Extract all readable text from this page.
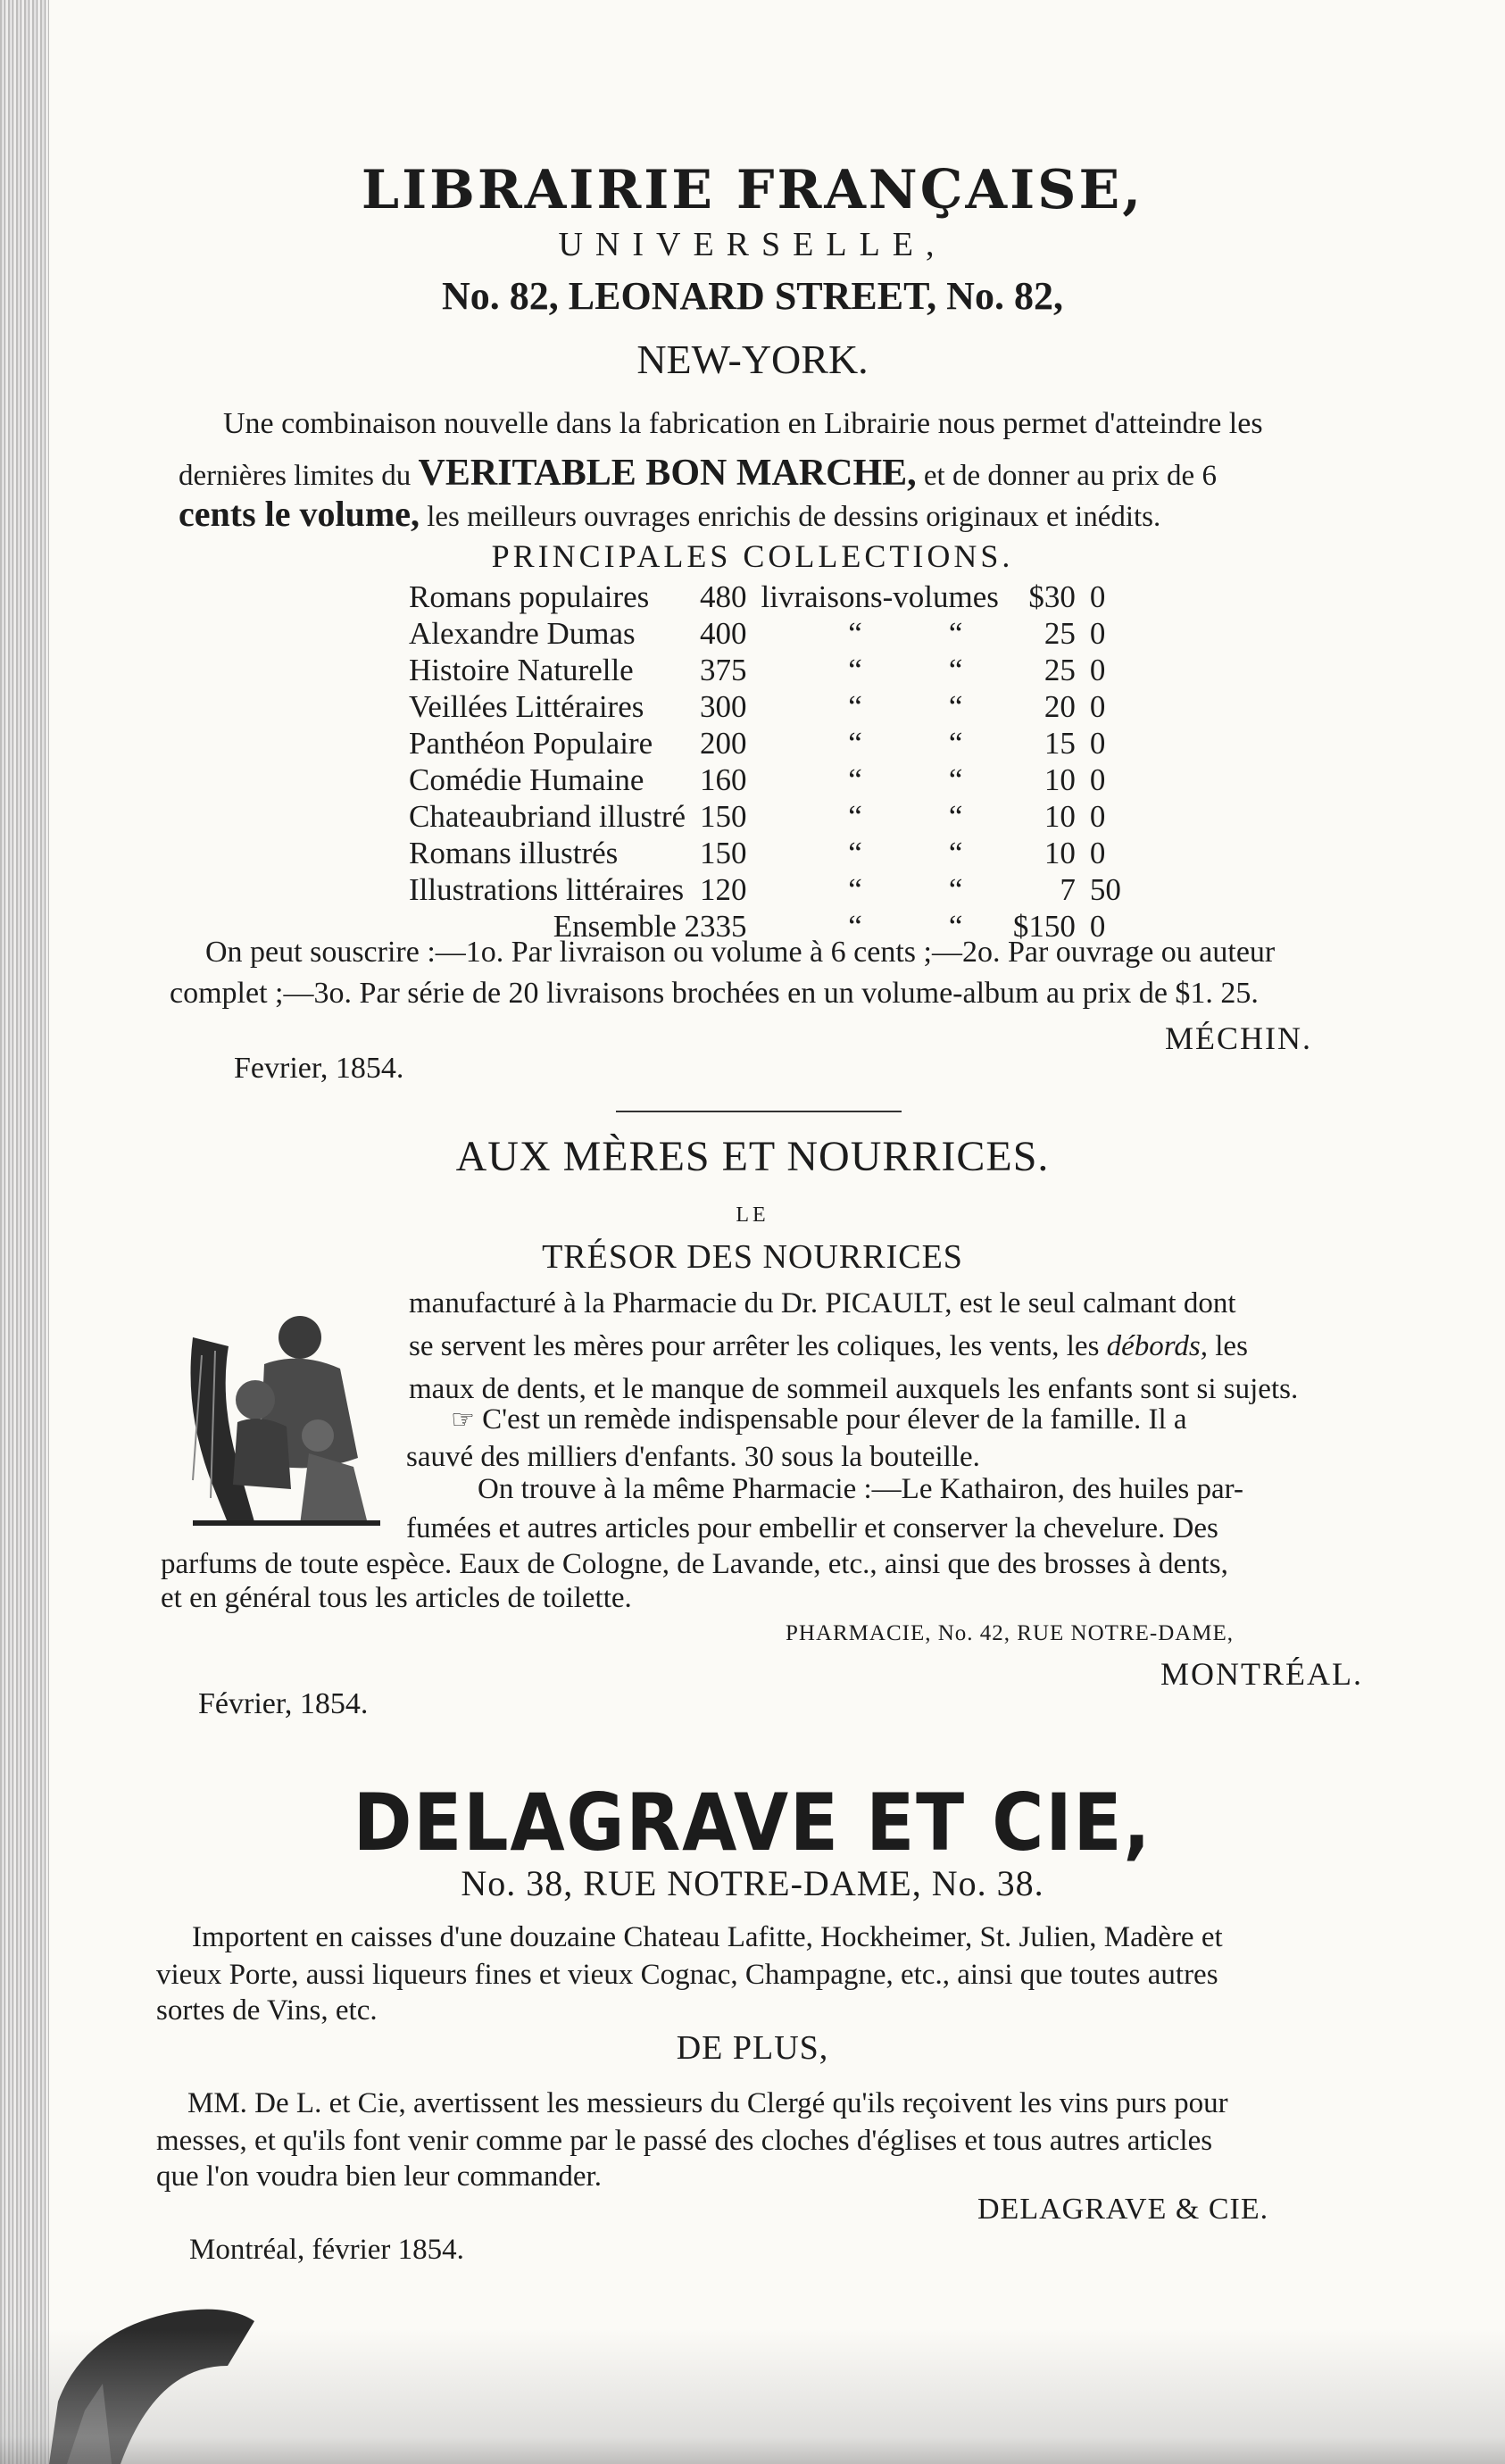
LIBRAIRIE FRANÇAISE,
UNIVERSELLE,
No. 82, LEONARD STREET, No. 82,
NEW-YORK.
Une combinaison nouvelle dans la fabrication en Librairie nous permet d'atteindre les
dernières limites du VERITABLE BON MARCHE, et de donner au prix de 6
cents le volume, les meilleurs ouvrages enrichis de dessins originaux et inédits.
PRINCIPALES COLLECTIONS.
Romans populaires	480	livraisons-volumes			$30	0
Alexandre Dumas	400		“	“	25	0
Histoire Naturelle	375		“	“	25	0
Veillées Littéraires	300		“	“	20	0
Panthéon Populaire	200		“	“	15	0
Comédie Humaine	160		“	“	10	0
Chateaubriand illustré	150		“	“	10	0
Romans illustrés	150		“	“	10	0
Illustrations littéraires	120		“	“	7	50
Ensemble 2335			“	“	$150	0
On peut souscrire :—1o. Par livraison ou volume à 6 cents ;—2o. Par ouvrage ou auteur
complet ;—3o. Par série de 20 livraisons brochées en un volume-album au prix de $1. 25.
MÉCHIN.
Fevrier, 1854.
AUX MÈRES ET NOURRICES.
LE
TRÉSOR DES NOURRICES
manufacturé à la Pharmacie du Dr. PICAULT, est le seul calmant dont
se servent les mères pour arrêter les coliques, les vents, les débords, les
maux de dents, et le manque de sommeil auxquels les enfants sont si sujets.
☞ C'est un remède indispensable pour élever de la famille. Il a
sauvé des milliers d'enfants. 30 sous la bouteille.
On trouve à la même Pharmacie :—Le Kathairon, des huiles par-
fumées et autres articles pour embellir et conserver la chevelure. Des
parfums de toute espèce. Eaux de Cologne, de Lavande, etc., ainsi que des brosses à dents,
et en général tous les articles de toilette.
PHARMACIE, No. 42, RUE NOTRE-DAME,
MONTRÉAL.
Février, 1854.
DELAGRAVE ET CIE,
No. 38, RUE NOTRE-DAME, No. 38.
Importent en caisses d'une douzaine Chateau Lafitte, Hockheimer, St. Julien, Madère et
vieux Porte, aussi liqueurs fines et vieux Cognac, Champagne, etc., ainsi que toutes autres
sortes de Vins, etc.
DE PLUS,
MM. De L. et Cie, avertissent les messieurs du Clergé qu'ils reçoivent les vins purs pour
messes, et qu'ils font venir comme par le passé des cloches d'églises et tous autres articles
que l'on voudra bien leur commander.
DELAGRAVE & CIE.
Montréal, février 1854.
